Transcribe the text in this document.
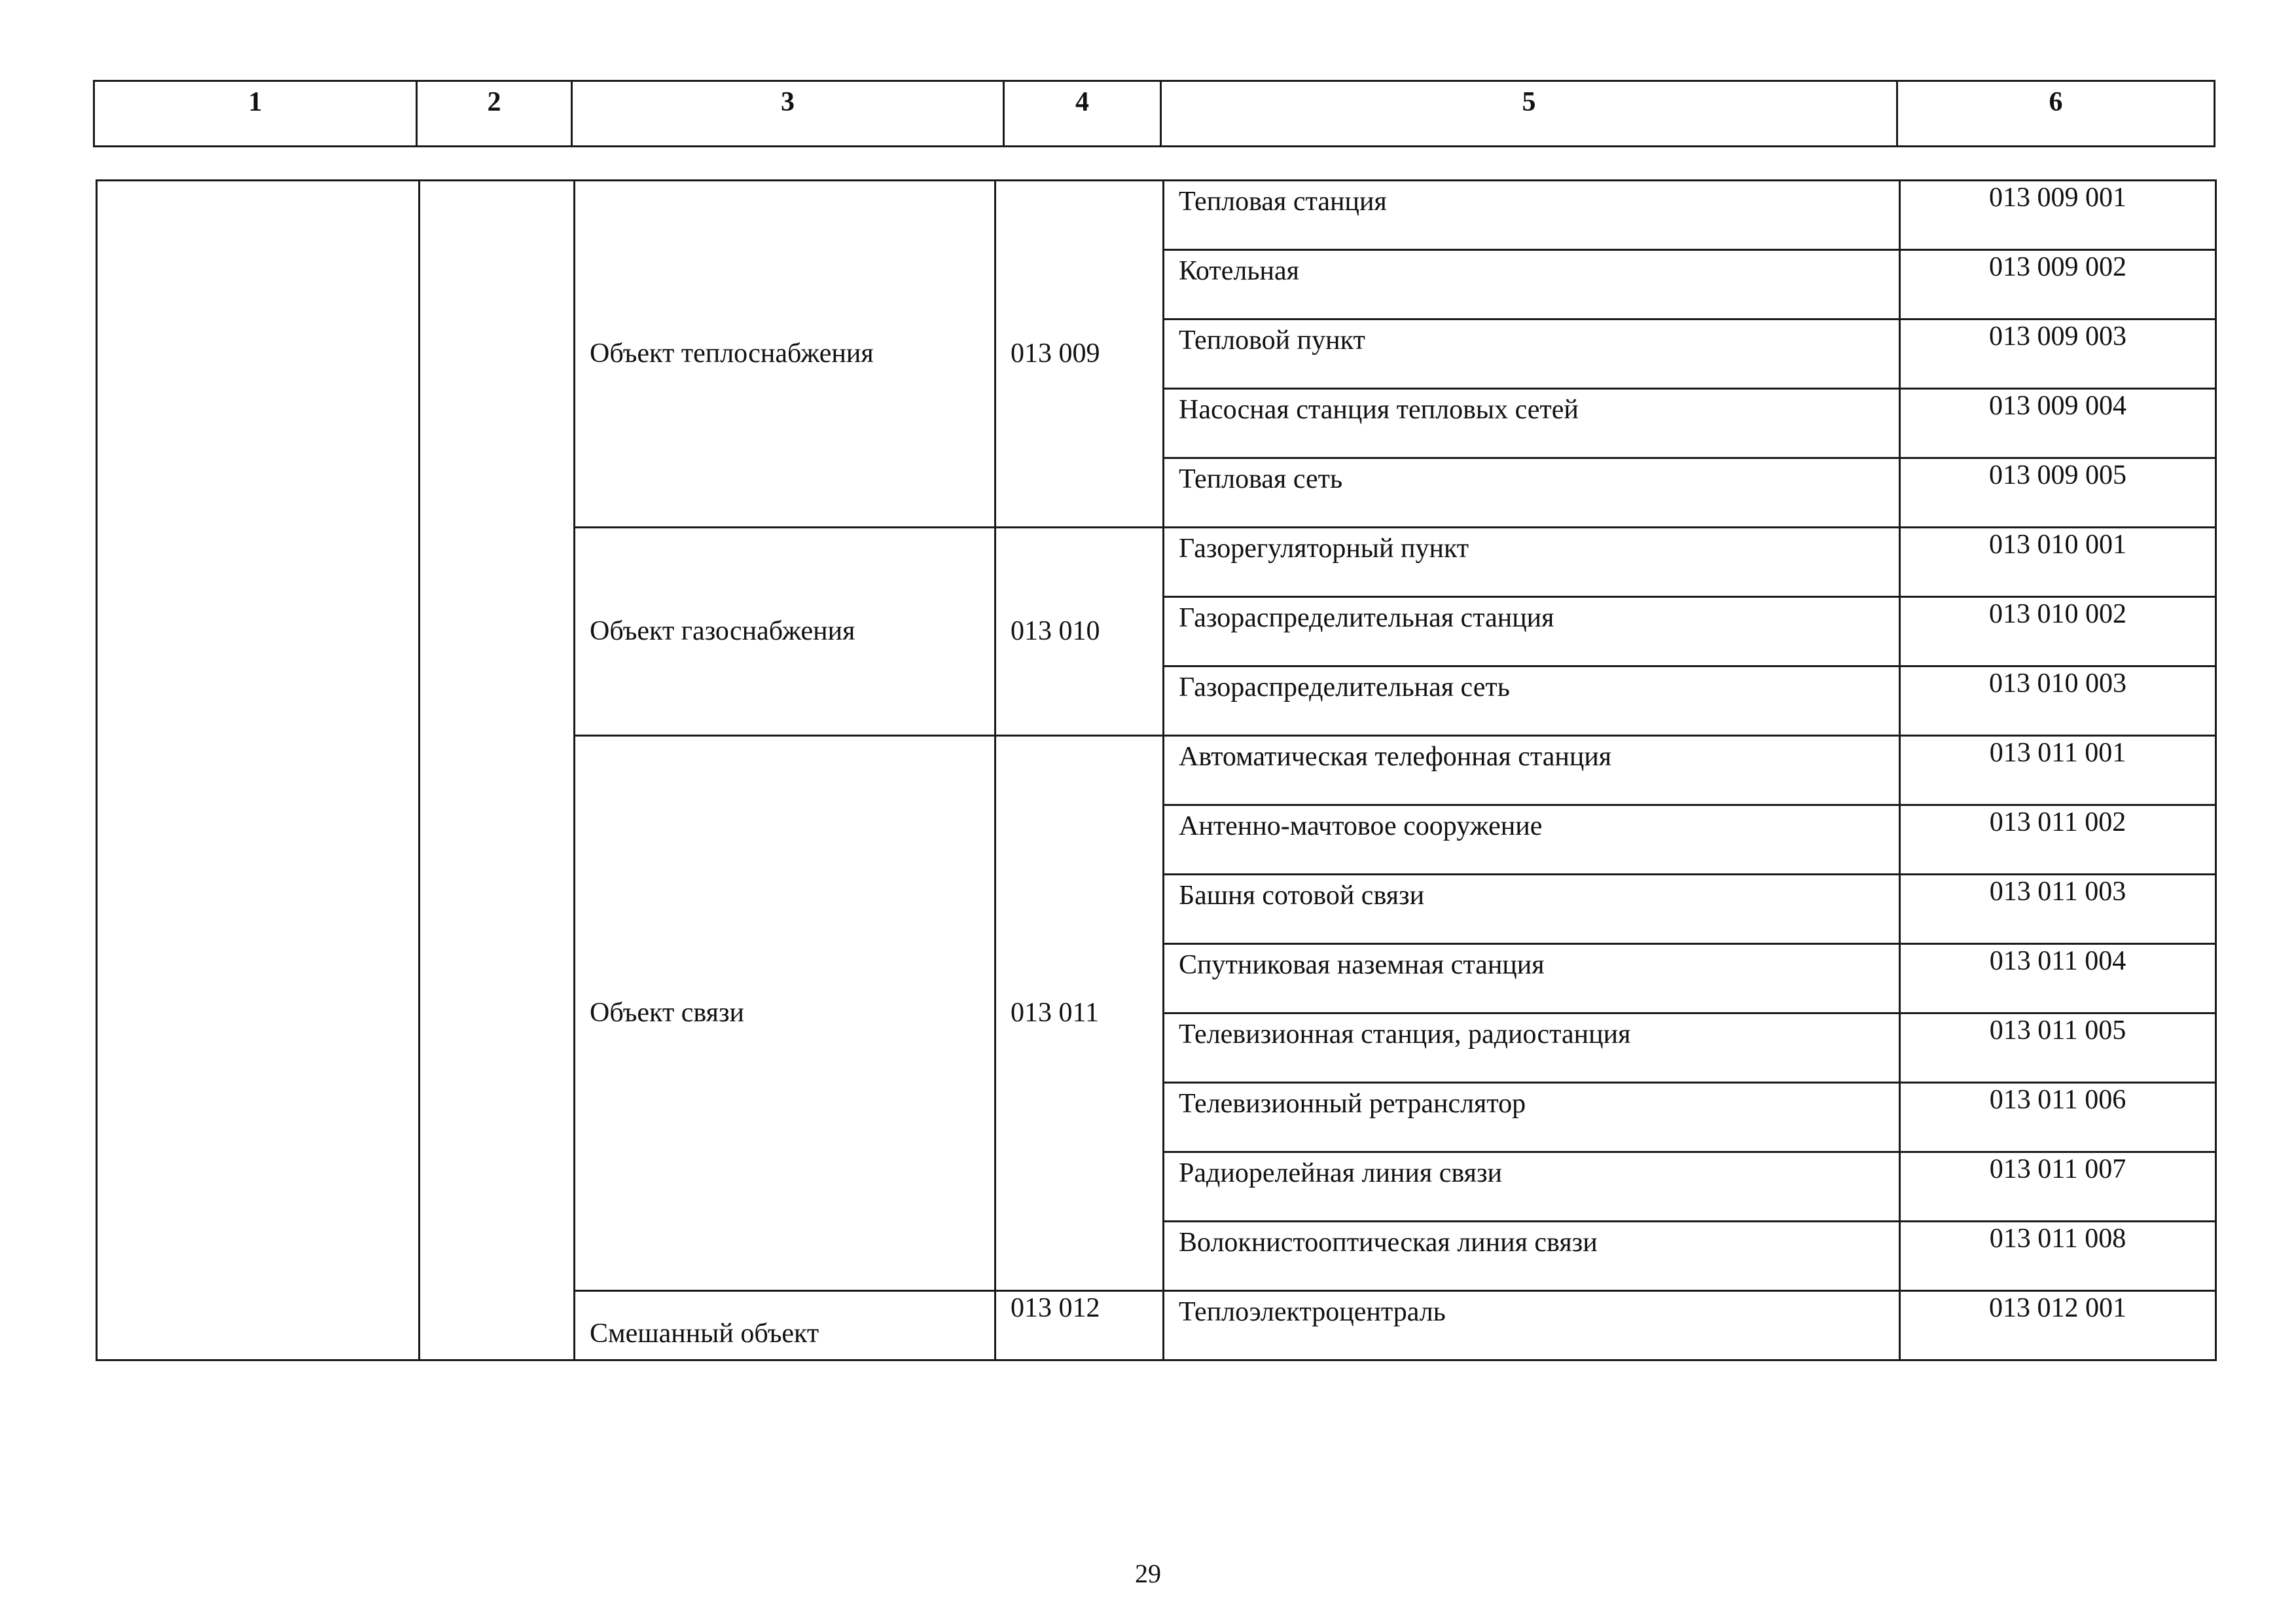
1	2	3	4	5	6
		Объект теплоснабжения	013 009	Тепловая станция	013 009 001
				Котельная	013 009 002
				Тепловой пункт	013 009 003
				Насосная станция тепловых сетей	013 009 004
				Тепловая сеть	013 009 005
		Объект газоснабжения	013 010	Газорегуляторный пункт	013 010 001
				Газораспределительная станция	013 010 002
				Газораспределительная сеть	013 010 003
		Объект связи	013 011	Автоматическая телефонная станция	013 011 001
				Антенно-мачтовое сооружение	013 011 002
				Башня сотовой связи	013 011 003
				Спутниковая наземная станция	013 011 004
				Телевизионная станция, радиостанция	013 011 005
				Телевизионный ретранслятор	013 011 006
				Радиорелейная линия связи	013 011 007
				Волокнистооптическая линия связи	013 011 008
		Смешанный объект	013 012	Теплоэлектроцентраль	013 012 001
29
